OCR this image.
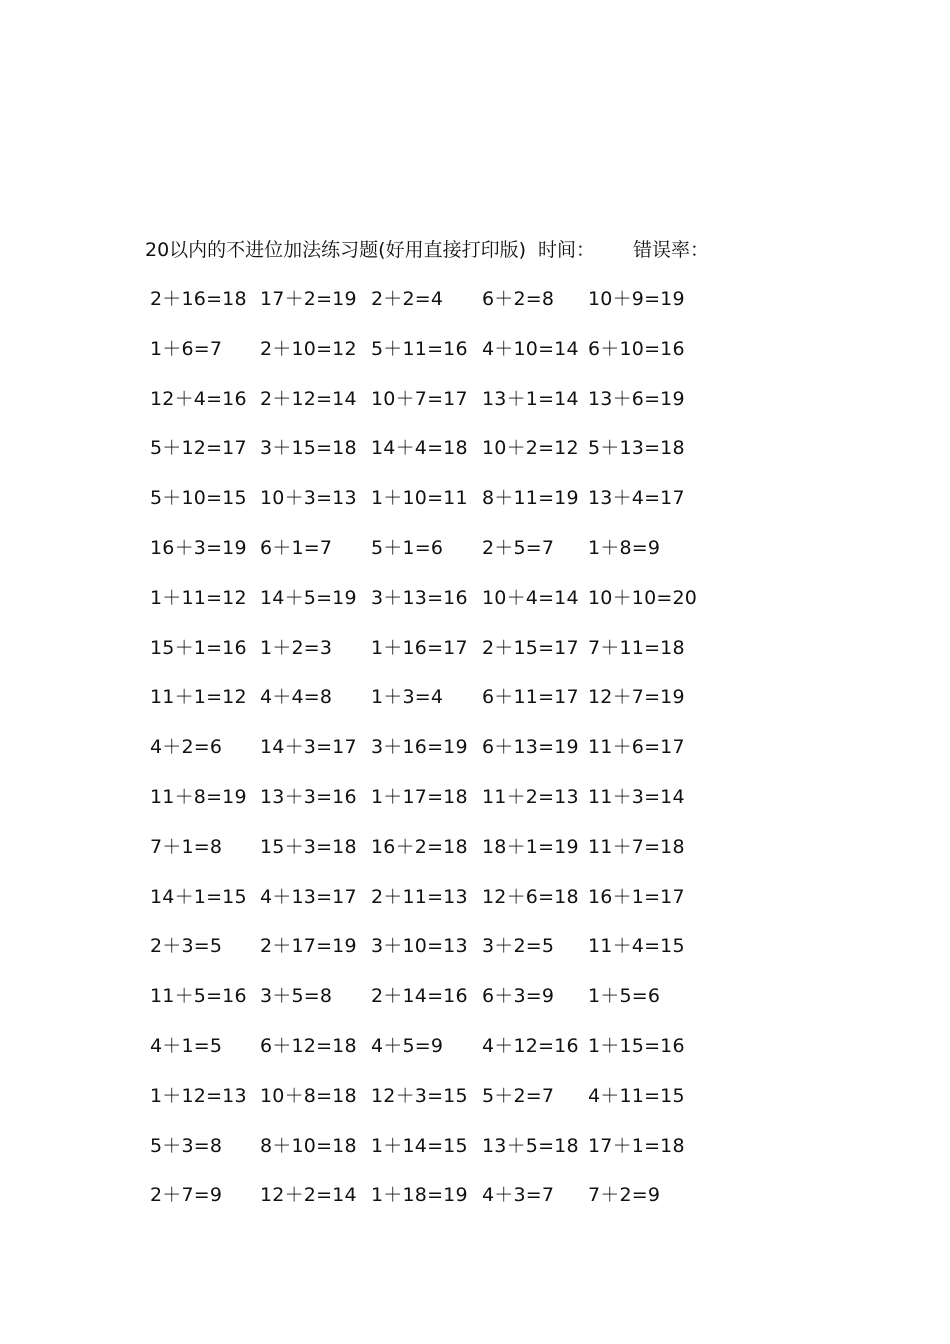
20以内的不进位加法练习题(好用直接打印版) 时间： 错误率：
2＋16=18 17＋2=19 2＋2=4 6＋2=8 10＋9=19
1＋6=7 2＋10=12 5＋11=16 4＋10=14 6＋10=16
12＋4=16 2＋12=14 10＋7=17 13＋1=14 13＋6=19
5＋12=17 3＋15=18 14＋4=18 10＋2=12 5＋13=18
5＋10=15 10＋3=13 1＋10=11 8＋11=19 13＋4=17
16＋3=19 6＋1=7 5＋1=6 2＋5=7 1＋8=9
1＋11=12 14＋5=19 3＋13=16 10＋4=14 10＋10=20
15＋1=16 1＋2=3 1＋16=17 2＋15=17 7＋11=18
11＋1=12 4＋4=8 1＋3=4 6＋11=17 12＋7=19
4＋2=6 14＋3=17 3＋16=19 6＋13=19 11＋6=17
11＋8=19 13＋3=16 1＋17=18 11＋2=13 11＋3=14
7＋1=8 15＋3=18 16＋2=18 18＋1=19 11＋7=18
14＋1=15 4＋13=17 2＋11=13 12＋6=18 16＋1=17
2＋3=5 2＋17=19 3＋10=13 3＋2=5 11＋4=15
11＋5=16 3＋5=8 2＋14=16 6＋3=9 1＋5=6
4＋1=5 6＋12=18 4＋5=9 4＋12=16 1＋15=16
1＋12=13 10＋8=18 12＋3=15 5＋2=7 4＋11=15
5＋3=8 8＋10=18 1＋14=15 13＋5=18 17＋1=18
2＋7=9 12＋2=14 1＋18=19 4＋3=7 7＋2=9
